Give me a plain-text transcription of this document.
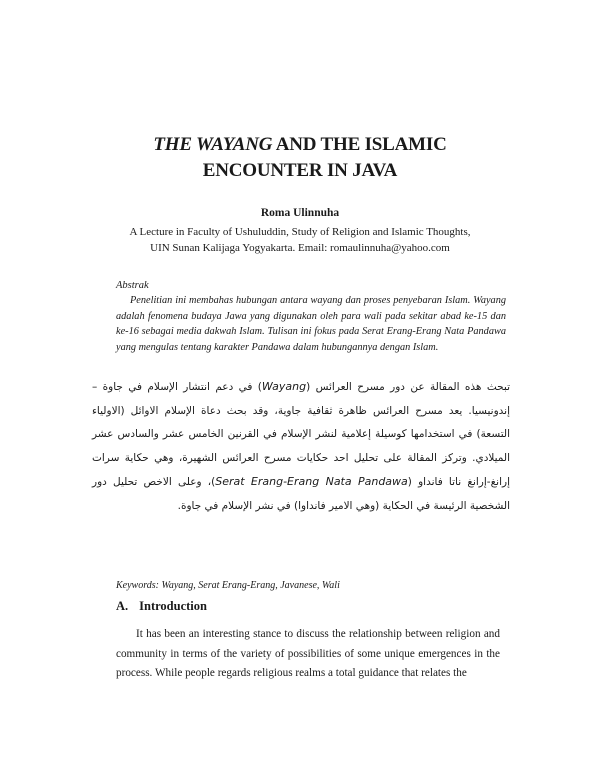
THE WAYANG AND THE ISLAMIC
ENCOUNTER IN JAVA
Roma Ulinnuha
A Lecture in Faculty of Ushuluddin, Study of Religion and Islamic Thoughts,
UIN Sunan Kalijaga Yogyakarta. Email: romaulinnuha@yahoo.com
Abstrak
Penelitian ini membahas hubungan antara wayang dan proses penyebaran Islam. Wayang adalah fenomena budaya Jawa yang digunakan oleh para wali pada sekitar abad ke-15 dan ke-16 sebagai media dakwah Islam. Tulisan ini fokus pada Serat Erang-Erang Nata Pandawa yang mengulas tentang karakter Pandawa dalam hubungannya dengan Islam.
تبحث هذه المقالة عن دور مسرح العرائس (Wayang) في دعم انتشار الإسلام في جاوة – إندونيسيا. يعد مسرح العرائس ظاهرة ثقافية جاوية، وقد بحث دعاة الإسلام الاوائل (الاولياء التسعة) في استخدامها كوسيلة إعلامية لنشر الإسلام في القرنين الخامس عشر والسادس عشر الميلادي. وتركز المقالة على تحليل احد حكايات مسرح العرائس الشهيرة، وهي حكاية سرات إرانغ-إرانغ ناتا فانداو (Serat Erang-Erang Nata Pandawa)، وعلى الاخص تحليل دور الشخصية الرئيسة في الحكاية (وهي الامير فانداوا) في نشر الإسلام في جاوة.
Keywords: Wayang, Serat Erang-Erang, Javanese, Wali
A. Introduction
It has been an interesting stance to discuss the relationship between religion and community in terms of the variety of possibilities of some unique emergences in the process. While people regards religious realms a total guidance that relates the
